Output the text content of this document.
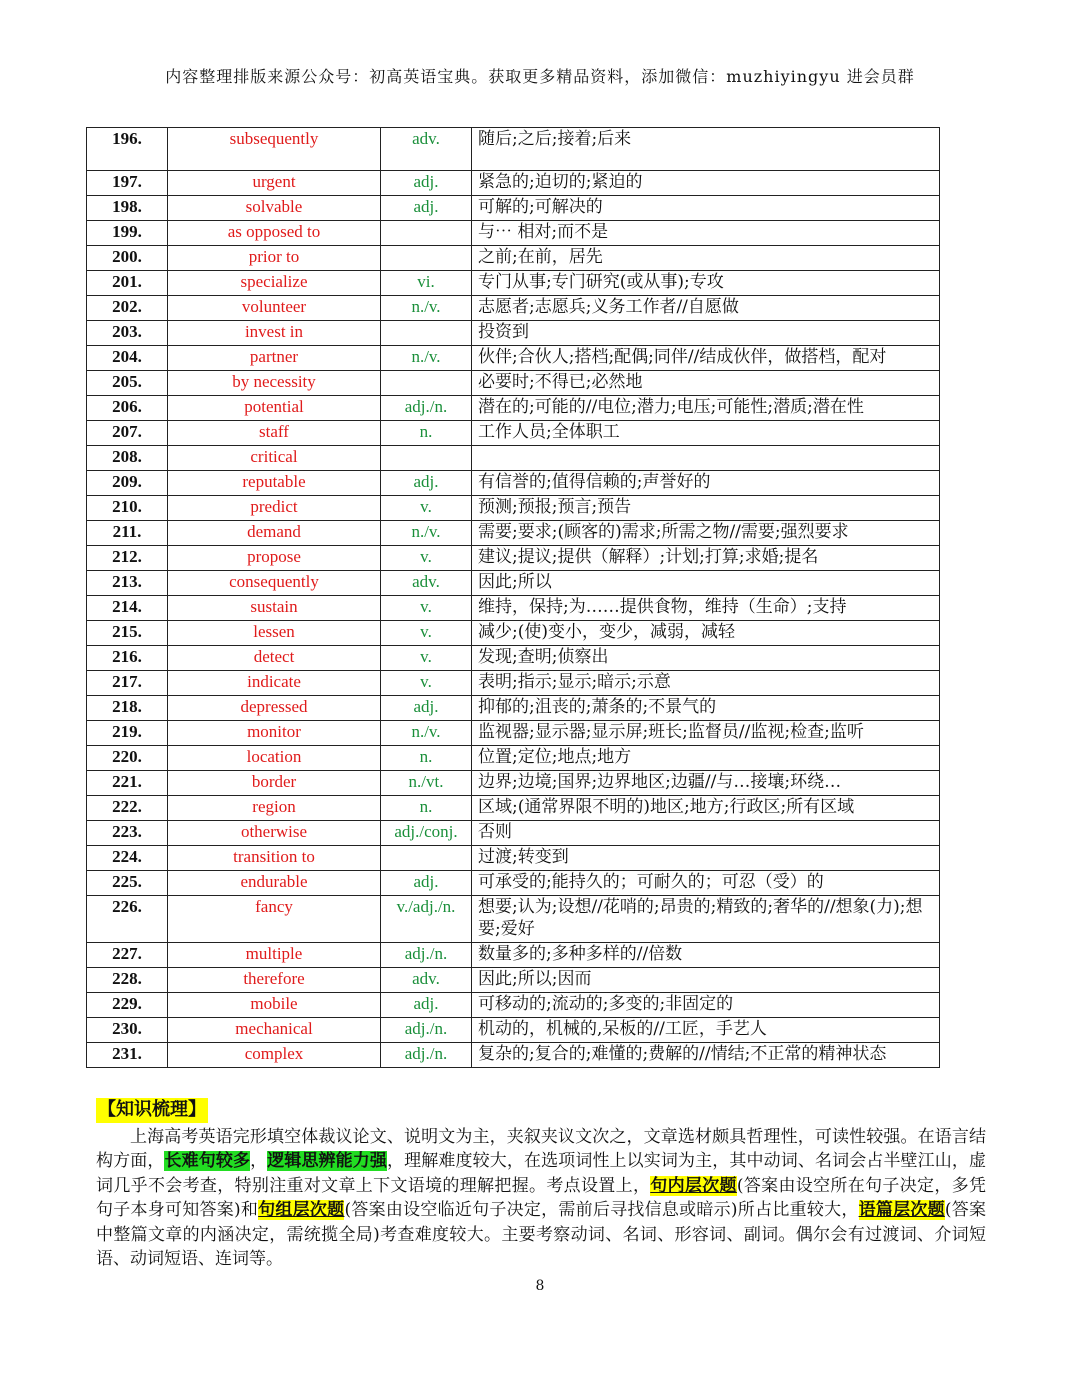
内容整理排版来源公众号：初高英语宝典。获取更多精品资料，添加微信：muzhiyingyu 进会员群
196.	subsequently	adv.	随后;之后;接着;后来
197.	urgent	adj.	紧急的;迫切的;紧迫的
198.	solvable	adj.	可解的;可解决的
199.	as opposed to		与⋯ 相对;而不是
200.	prior to		之前;在前，居先
201.	specialize	vi.	专门从事;专门研究(或从事);专攻
202.	volunteer	n./v.	志愿者;志愿兵;义务工作者//自愿做
203.	invest in		投资到
204.	partner	n./v.	伙伴;合伙人;搭档;配偶;同伴//结成伙伴，做搭档，配对
205.	by necessity		必要时;不得已;必然地
206.	potential	adj./n.	潜在的;可能的//电位;潜力;电压;可能性;潜质;潜在性
207.	staff	n.	工作人员;全体职工
208.	critical		
209.	reputable	adj.	有信誉的;值得信赖的;声誉好的
210.	predict	v.	预测;预报;预言;预告
211.	demand	n./v.	需要;要求;(顾客的)需求;所需之物//需要;强烈要求
212.	propose	v.	建议;提议;提供（解释）;计划;打算;求婚;提名
213.	consequently	adv.	因此;所以
214.	sustain	v.	维持，保持;为……提供食物，维持（生命）;支持
215.	lessen	v.	减少;(使)变小，变少，减弱，减轻
216.	detect	v.	发现;查明;侦察出
217.	indicate	v.	表明;指示;显示;暗示;示意
218.	depressed	adj.	抑郁的;沮丧的;萧条的;不景气的
219.	monitor	n./v.	监视器;显示器;显示屏;班长;监督员//监视;检查;监听
220.	location	n.	位置;定位;地点;地方
221.	border	n./vt.	边界;边境;国界;边界地区;边疆//与…接壤;环绕…
222.	region	n.	区域;(通常界限不明的)地区;地方;行政区;所有区域
223.	otherwise	adj./conj.	否则
224.	transition to		过渡;转变到
225.	endurable	adj.	可承受的;能持久的；可耐久的；可忍（受）的
226.	fancy	v./adj./n.	想要;认为;设想//花哨的;昂贵的;精致的;奢华的//想象(力);想要;爱好
227.	multiple	adj./n.	数量多的;多种多样的//倍数
228.	therefore	adv.	因此;所以;因而
229.	mobile	adj.	可移动的;流动的;多变的;非固定的
230.	mechanical	adj./n.	机动的，机械的,呆板的//工匠，手艺人
231.	complex	adj./n.	复杂的;复合的;难懂的;费解的//情结;不正常的精神状态
【知识梳理】
上海高考英语完形填空体裁议论文、说明文为主，夹叙夹议文次之，文章选材颇具哲理性，可读性较强。在语言结构方面，长难句较多，逻辑思辨能力强，理解难度较大，在选项词性上以实词为主，其中动词、名词会占半壁江山，虚词几乎不会考查，特别注重对文章上下文语境的理解把握。考点设置上，句内层次题(答案由设空所在句子决定，多凭句子本身可知答案)和句组层次题(答案由设空临近句子决定，需前后寻找信息或暗示)所占比重较大，语篇层次题(答案中整篇文章的内涵决定，需统揽全局)考查难度较大。主要考察动词、名词、形容词、副词。偶尔会有过渡词、介词短语、动词短语、连词等。
8
